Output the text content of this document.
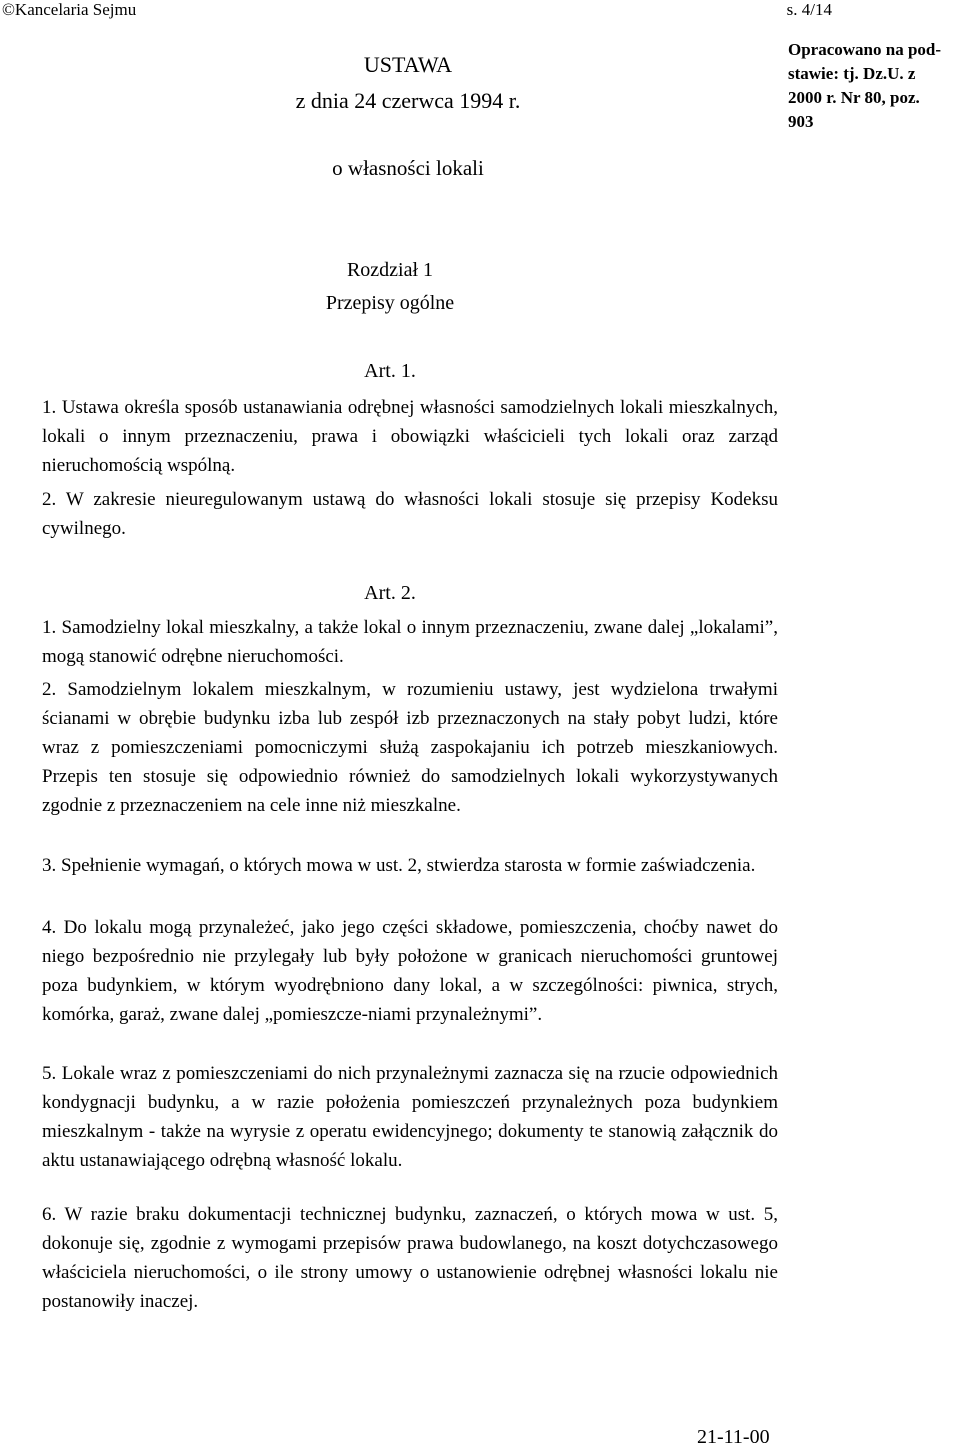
©Kancelaria Sejmu	s. 4/14
USTAWA
z dnia 24 czerwca 1994 r.
Opracowano na pod-
stawie: tj. Dz.U. z
2000 r. Nr 80, poz.
903
o własności lokali
Rozdział 1
Przepisy ogólne
Art. 1.

1. Ustawa określa sposób ustanawiania odrębnej własności samodzielnych lokali mieszkalnych, lokali o innym przeznaczeniu, prawa i obowiązki właścicieli tych lokali oraz zarząd nieruchomością wspólną.

2. W zakresie nieuregulowanym ustawą do własności lokali stosuje się przepisy Kodeksu cywilnego.

Art. 2.

1. Samodzielny lokal mieszkalny, a także lokal o innym przeznaczeniu, zwane dalej „lokalami”, mogą stanowić odrębne nieruchomości.

2. Samodzielnym lokalem mieszkalnym, w rozumieniu ustawy, jest wydzielona trwałymi ścianami w obrębie budynku izba lub zespół izb przeznaczonych na stały pobyt ludzi, które wraz z pomieszczeniami pomocniczymi służą zaspokajaniu ich potrzeb mieszkaniowych. Przepis ten stosuje się odpowiednio również do samodzielnych lokali wykorzystywanych zgodnie z przeznaczeniem na cele inne niż mieszkalne.

3. Spełnienie wymagań, o których mowa w ust. 2, stwierdza starosta w formie zaświadczenia.

4. Do lokalu mogą przynależeć, jako jego części składowe, pomieszczenia, choćby nawet do niego bezpośrednio nie przylegały lub były położone w granicach nieruchomości gruntowej poza budynkiem, w którym wyodrębniono dany lokal, a w szczególności: piwnica, strych, komórka, garaż, zwane dalej „pomieszcze-niami przynależnymi”.

5. Lokale wraz z pomieszczeniami do nich przynależnymi zaznacza się na rzucie odpowiednich kondygnacji budynku, a w razie położenia pomieszczeń przynależnych poza budynkiem mieszkalnym - także na wyrysie z operatu ewidencyjnego; dokumenty te stanowią załącznik do aktu ustanawiającego odrębną własność lokalu.

6. W razie braku dokumentacji technicznej budynku, zaznaczeń, o których mowa w ust. 5, dokonuje się, zgodnie z wymogami przepisów prawa budowlanego, na koszt dotychczasowego właściciela nieruchomości, o ile strony umowy o ustanowienie odrębnej własności lokalu nie postanowiły inaczej.

21-11-00
